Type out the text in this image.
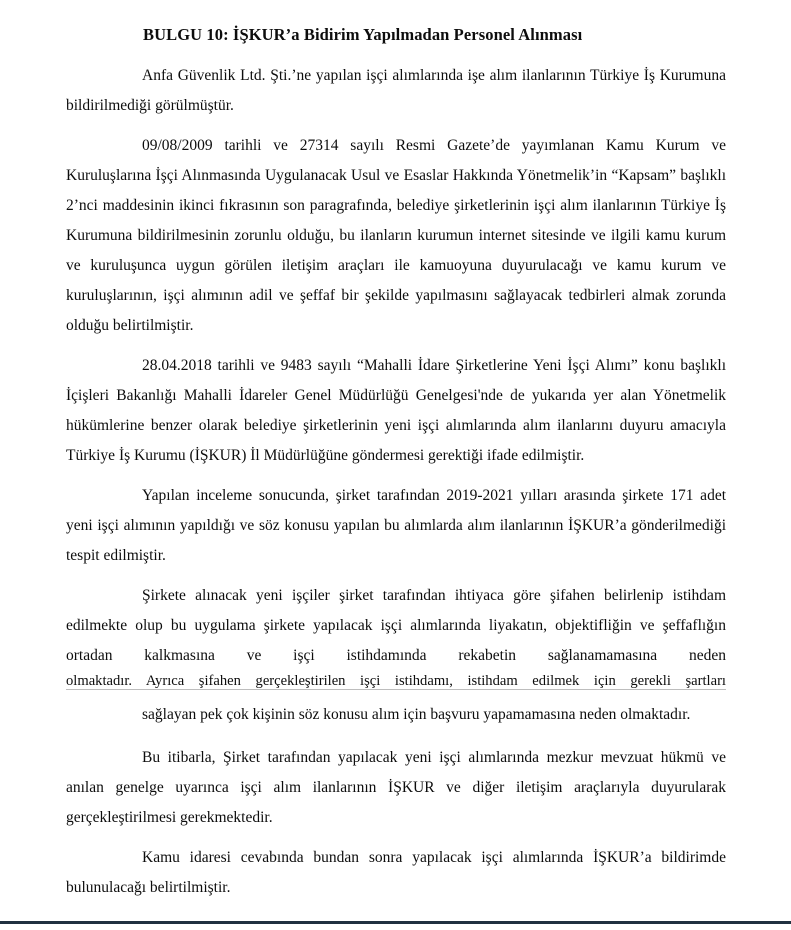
BULGU 10: İŞKUR’a Bidirim Yapılmadan Personel Alınması

Anfa Güvenlik Ltd. Şti.’ne yapılan işçi alımlarında işe alım ilanlarının Türkiye İş Kurumuna bildirilmediği görülmüştür.

09/08/2009 tarihli ve 27314 sayılı Resmi Gazete’de yayımlanan Kamu Kurum ve Kuruluşlarına İşçi Alınmasında Uygulanacak Usul ve Esaslar Hakkında Yönetmelik’in “Kapsam” başlıklı 2’nci maddesinin ikinci fıkrasının son paragrafında, belediye şirketlerinin işçi alım ilanlarının Türkiye İş Kurumuna bildirilmesinin zorunlu olduğu, bu ilanların kurumun internet sitesinde ve ilgili kamu kurum ve kuruluşunca uygun görülen iletişim araçları ile kamuoyuna duyurulacağı ve kamu kurum ve kuruluşlarının, işçi alımının adil ve şeffaf bir şekilde yapılmasını sağlayacak tedbirleri almak zorunda olduğu belirtilmiştir.

28.04.2018 tarihli ve 9483 sayılı “Mahalli İdare Şirketlerine Yeni İşçi Alımı” konu başlıklı İçişleri Bakanlığı Mahalli İdareler Genel Müdürlüğü Genelgesi'nde de yukarıda yer alan Yönetmelik hükümlerine benzer olarak belediye şirketlerinin yeni işçi alımlarında alım ilanlarını duyuru amacıyla Türkiye İş Kurumu (İŞKUR) İl Müdürlüğüne göndermesi gerektiği ifade edilmiştir.

Yapılan inceleme sonucunda, şirket tarafından 2019-2021 yılları arasında şirkete 171 adet yeni işçi alımının yapıldığı ve söz konusu yapılan bu alımlarda alım ilanlarının İŞKUR’a gönderilmediği tespit edilmiştir.

Şirkete alınacak yeni işçiler şirket tarafından ihtiyaca göre şifahen belirlenip istihdam edilmekte olup bu uygulama şirkete yapılacak işçi alımlarında liyakatın, objektifliğin ve şeffaflığın ortadan kalkmasına ve işçi istihdamında rekabetin sağlanamamasına neden

olmaktadır. Ayrıca şifahen gerçekleştirilen işçi istihdamı, istihdam edilmek için gerekli şartları

sağlayan pek çok kişinin söz konusu alım için başvuru yapamamasına neden olmaktadır.

Bu itibarla, Şirket tarafından yapılacak yeni işçi alımlarında mezkur mevzuat hükmü ve anılan genelge uyarınca işçi alım ilanlarının İŞKUR ve diğer iletişim araçlarıyla duyurularak gerçekleştirilmesi gerekmektedir.

Kamu idaresi cevabında bundan sonra yapılacak işçi alımlarında İŞKUR’a bildirimde bulunulacağı belirtilmiştir.
